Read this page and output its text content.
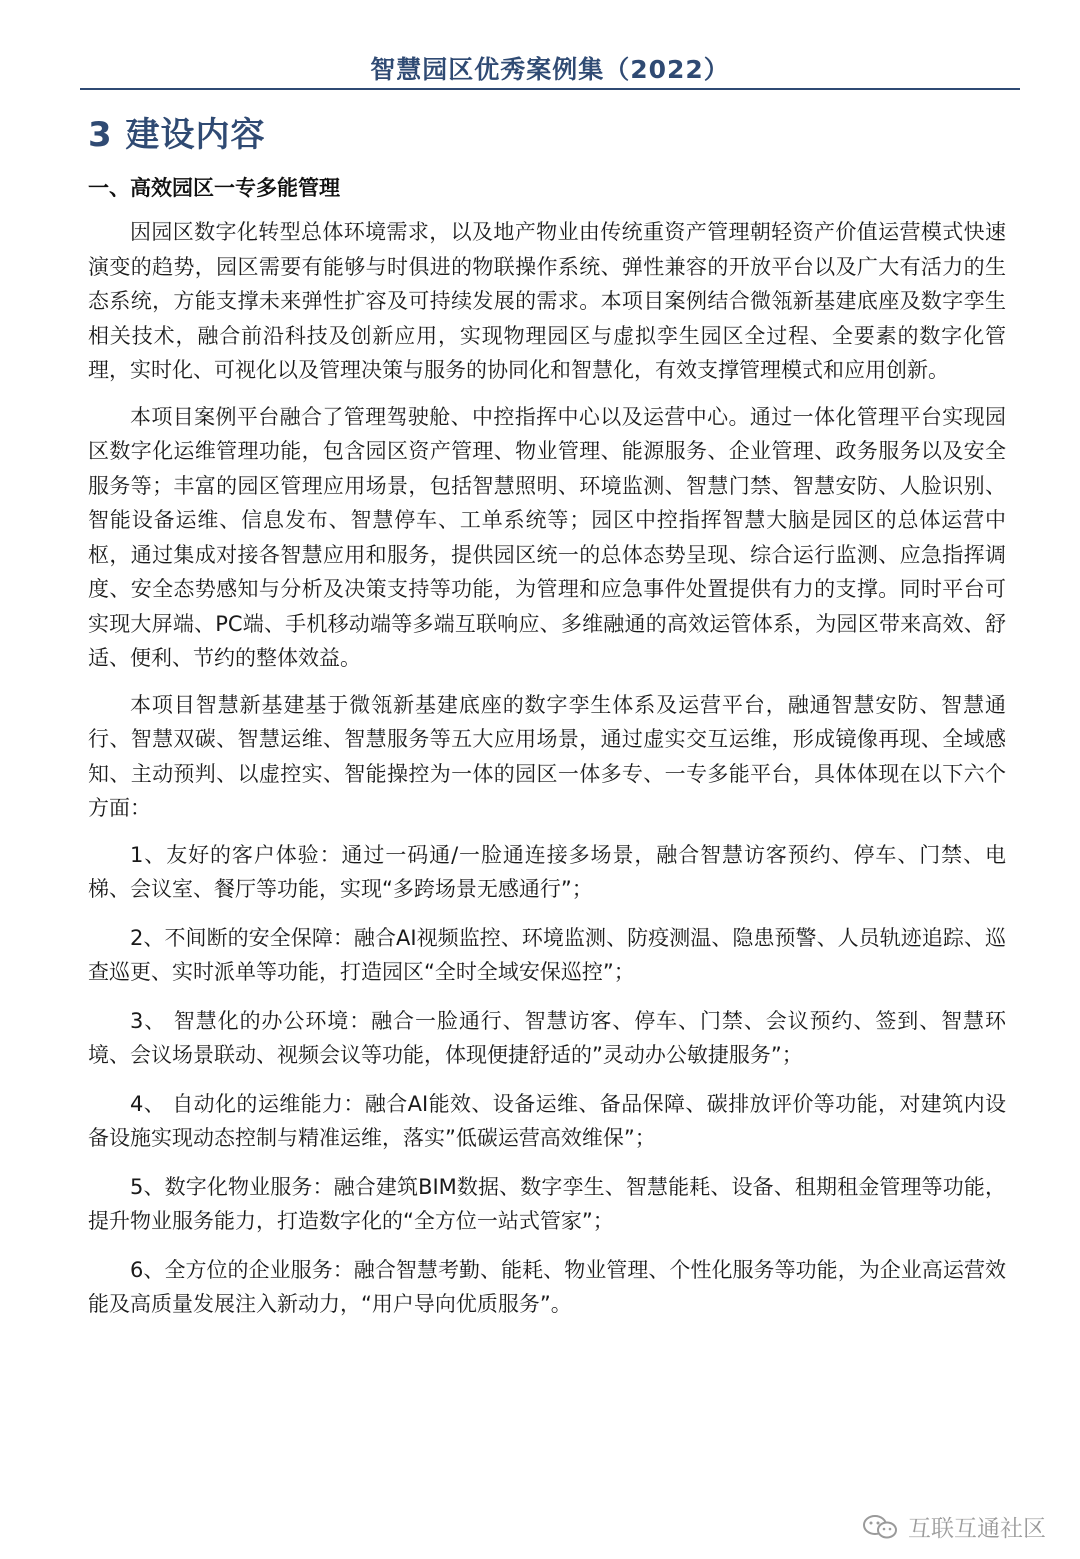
智慧园区优秀案例集（2022）
3 建设内容
一、高效园区一专多能管理

因园区数字化转型总体环境需求，以及地产物业由传统重资产管理朝轻资产价值运营模式快速演变的趋势，园区需要有能够与时俱进的物联操作系统、弹性兼容的开放平台以及广大有活力的生态系统，方能支撑未来弹性扩容及可持续发展的需求。本项目案例结合微瓴新基建底座及数字孪生相关技术，融合前沿科技及创新应用，实现物理园区与虚拟孪生园区全过程、全要素的数字化管理，实时化、可视化以及管理决策与服务的协同化和智慧化，有效支撑管理模式和应用创新。

本项目案例平台融合了管理驾驶舱、中控指挥中心以及运营中心。通过一体化管理平台实现园区数字化运维管理功能，包含园区资产管理、物业管理、能源服务、企业管理、政务服务以及安全服务等；丰富的园区管理应用场景，包括智慧照明、环境监测、智慧门禁、智慧安防、人脸识别、智能设备运维、信息发布、智慧停车、工单系统等；园区中控指挥智慧大脑是园区的总体运营中枢，通过集成对接各智慧应用和服务，提供园区统一的总体态势呈现、综合运行监测、应急指挥调度、安全态势感知与分析及决策支持等功能，为管理和应急事件处置提供有力的支撑。同时平台可实现大屏端、PC端、手机移动端等多端互联响应、多维融通的高效运管体系，为园区带来高效、舒适、便利、节约的整体效益。

本项目智慧新基建基于微瓴新基建底座的数字孪生体系及运营平台，融通智慧安防、智慧通行、智慧双碳、智慧运维、智慧服务等五大应用场景，通过虚实交互运维，形成镜像再现、全域感知、主动预判、以虚控实、智能操控为一体的园区一体多专、一专多能平台，具体体现在以下六个方面：

1、友好的客户体验：通过一码通/一脸通连接多场景，融合智慧访客预约、停车、门禁、电梯、会议室、餐厅等功能，实现“多跨场景无感通行”；

2、不间断的安全保障：融合AI视频监控、环境监测、防疫测温、隐患预警、人员轨迹追踪、巡查巡更、实时派单等功能，打造园区“全时全域安保巡控”；

3、 智慧化的办公环境：融合一脸通行、智慧访客、停车、门禁、会议预约、签到、智慧环境、会议场景联动、视频会议等功能，体现便捷舒适的”灵动办公敏捷服务”；

4、 自动化的运维能力：融合AI能效、设备运维、备品保障、碳排放评价等功能，对建筑内设备设施实现动态控制与精准运维，落实”低碳运营高效维保”；

5、数字化物业服务：融合建筑BIM数据、数字孪生、智慧能耗、设备、租期租金管理等功能，提升物业服务能力，打造数字化的“全方位一站式管家”；

6、全方位的企业服务：融合智慧考勤、能耗、物业管理、个性化服务等功能，为企业高运营效能及高质量发展注入新动力，“用户导向优质服务”。

互联互通社区
